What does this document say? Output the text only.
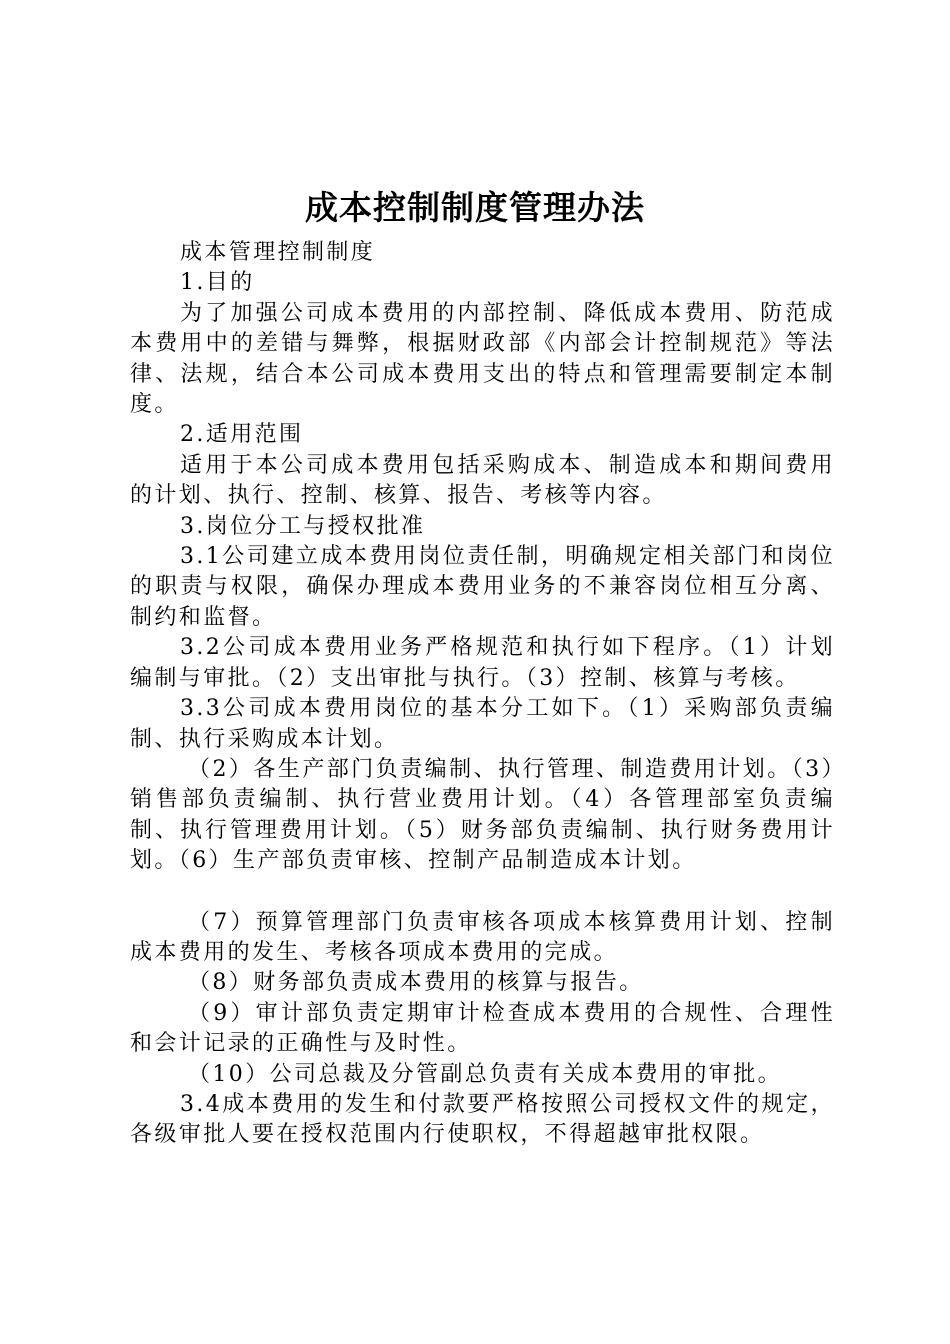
成本控制制度管理办法

成本管理控制制度

1.目的

为了加强公司成本费用的内部控制、降低成本费用、防范成本费用中的差错与舞弊，根据财政部《内部会计控制规范》等法律、法规，结合本公司成本费用支出的特点和管理需要制定本制度。

2.适用范围

适用于本公司成本费用包括采购成本、制造成本和期间费用的计划、执行、控制、核算、报告、考核等内容。

3.岗位分工与授权批准

3.1公司建立成本费用岗位责任制，明确规定相关部门和岗位的职责与权限，确保办理成本费用业务的不兼容岗位相互分离、制约和监督。

3.2公司成本费用业务严格规范和执行如下程序。（1）计划编制与审批。（2）支出审批与执行。（3）控制、核算与考核。

3.3公司成本费用岗位的基本分工如下。（1）采购部负责编制、执行采购成本计划。

（2）各生产部门负责编制、执行管理、制造费用计划。（3）销售部负责编制、执行营业费用计划。（4）各管理部室负责编制、执行管理费用计划。（5）财务部负责编制、执行财务费用计划。（6）生产部负责审核、控制产品制造成本计划。

（7）预算管理部门负责审核各项成本核算费用计划、控制成本费用的发生、考核各项成本费用的完成。

（8）财务部负责成本费用的核算与报告。

（9）审计部负责定期审计检查成本费用的合规性、合理性和会计记录的正确性与及时性。

（10）公司总裁及分管副总负责有关成本费用的审批。

3.4成本费用的发生和付款要严格按照公司授权文件的规定，各级审批人要在授权范围内行使职权，不得超越审批权限。
